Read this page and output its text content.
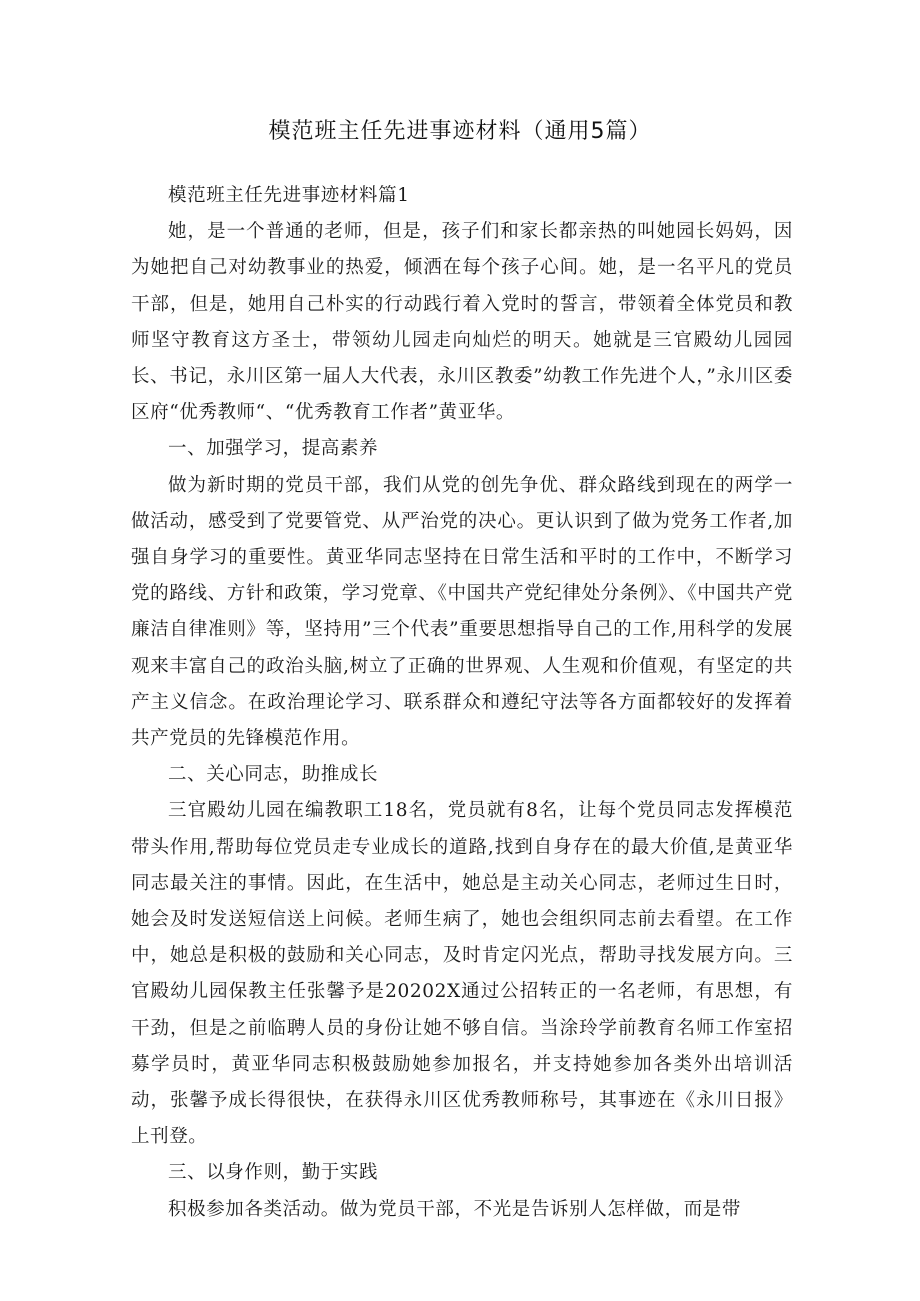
模范班主任先进事迹材料（通用5篇）

模范班主任先进事迹材料篇1

她，是一个普通的老师，但是，孩子们和家长都亲热的叫她园长妈妈，因为她把自己对幼教事业的热爱，倾洒在每个孩子心间。她，是一名平凡的党员干部，但是，她用自己朴实的行动践行着入党时的誓言，带领着全体党员和教师坚守教育这方圣士，带领幼儿园走向灿烂的明天。她就是三官殿幼儿园园长、书记，永川区第一届人大代表，永川区教委”幼教工作先进个人，”永川区委区府“优秀教师“、“优秀教育工作者”黄亚华。

一、加强学习，提高素养

做为新时期的党员干部，我们从党的创先争优、群众路线到现在的两学一做活动，感受到了党要管党、从严治党的决心。更认识到了做为党务工作者,加强自身学习的重要性。黄亚华同志坚持在日常生活和平时的工作中，不断学习党的路线、方针和政策，学习党章、《中国共产党纪律处分条例》、《中国共产党廉洁自律准则》等，坚持用”三个代表”重要思想指导自己的工作,用科学的发展观来丰富自己的政治头脑,树立了正确的世界观、人生观和价值观，有坚定的共产主义信念。在政治理论学习、联系群众和遵纪守法等各方面都较好的发挥着共产党员的先锋模范作用。

二、关心同志，助推成长

三官殿幼儿园在编教职工18名，党员就有8名，让每个党员同志发挥模范带头作用,帮助每位党员走专业成长的道路,找到自身存在的最大价值,是黄亚华同志最关注的事情。因此，在生活中，她总是主动关心同志，老师过生日时，她会及时发送短信送上问候。老师生病了，她也会组织同志前去看望。在工作中，她总是积极的鼓励和关心同志，及时肯定闪光点，帮助寻找发展方向。三官殿幼儿园保教主任张馨予是20202X通过公招转正的一名老师，有思想，有干劲，但是之前临聘人员的身份让她不够自信。当涂玲学前教育名师工作室招募学员时，黄亚华同志积极鼓励她参加报名，并支持她参加各类外出培训活动，张馨予成长得很快，在获得永川区优秀教师称号，其事迹在《永川日报》上刊登。

三、以身作则，勤于实践

积极参加各类活动。做为党员干部，不光是告诉别人怎样做，而是带
